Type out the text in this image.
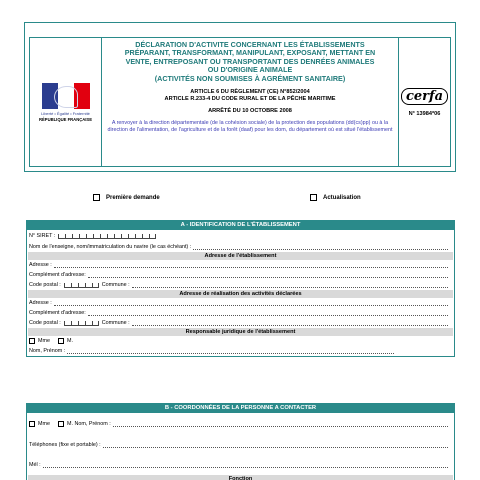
Liberté • Égalité • Fraternité
RÉPUBLIQUE FRANÇAISE
DÉCLARATION D'ACTIVITE CONCERNANT LES ÉTABLISSEMENTS
PRÉPARANT, TRANSFORMANT, MANIPULANT, EXPOSANT, METTANT EN
VENTE, ENTREPOSANT OU TRANSPORTANT DES DENRÉES ANIMALES
OU D'ORIGINE ANIMALE
(ACTIVITÉS NON SOUMISES À AGRÉMENT SANITAIRE)
ARTICLE 6 DU RÈGLEMENT (CE) N°852/2004
ARTICLE R.233-4 DU CODE RURAL ET DE LA PÊCHE MARITIME
ARRÊTÉ DU 10 OCTOBRE 2008
A renvoyer à la direction départementale (de la cohésion sociale) de la protection des populations (dd(cs)pp) ou à la direction de l'alimentation, de l'agriculture et de la forêt (daaf) pour les dom, du département où est situé l'établissement
cerfa
N° 13984*06
Première demande	Actualisation
A - IDENTIFICATION DE L'ÉTABLISSEMENT
N° SIRET :
Nom de l'enseigne, nom/immatriculation du navire (le cas échéant) :
Adresse de l'établissement
Adresse :
Complément d'adresse:
Code postal :	Commune :
Adresse de réalisation des activités déclarées
Adresse :
Complément d'adresse:
Code postal :	Commune :
Responsable juridique de l'établissement
Mme	M.
Nom, Prénom :
B - COORDONNÉES DE LA PERSONNE A CONTACTER
Mme	M. Nom, Prénom :
Téléphones (fixe et portable) :
Mél :
Fonction
